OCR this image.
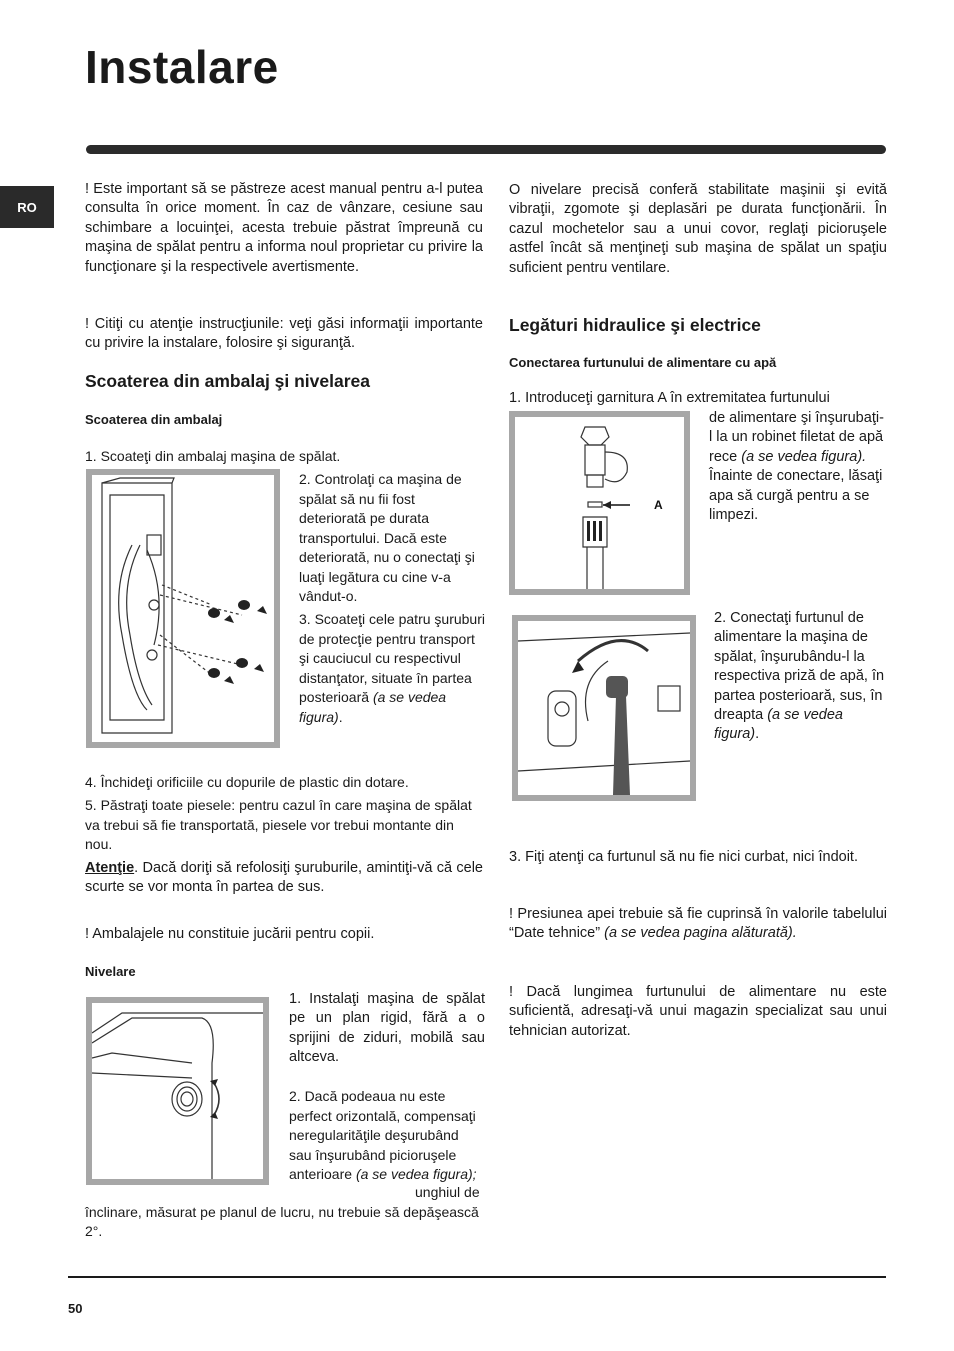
Instalare
RO
! Este important să se păstreze acest manual pentru a-l putea consulta în orice moment. În caz de vânzare, cesiune sau schimbare a locuinţei, acesta trebuie păstrat împreună cu maşina de spălat pentru a informa noul proprietar cu privire la funcţionare şi la respectivele avertismente.
! Citiţi cu atenţie instrucţiunile: veţi găsi informaţii importante cu privire la instalare, folosire şi siguranţă.
Scoaterea din ambalaj şi nivelarea
Scoaterea din ambalaj
1. Scoateţi din ambalaj maşina de spălat.
2. Controlaţi ca maşina de spălat să nu fii fost deteriorată pe durata transportului. Dacă este deteriorată, nu o conectaţi şi luaţi legătura cu cine v-a vândut-o.
3. Scoateţi cele patru şuruburi de protecţie pentru transport şi cauciucul cu respectivul distanţator, situate în partea posterioară (a se vedea figura).
4. Închideţi orificiile cu dopurile de plastic din dotare.
5. Păstraţi toate piesele: pentru cazul în care maşina de spălat va trebui să fie transportată, piesele vor trebui montante din nou.
Atenţie. Dacă doriţi să refolosiţi şuruburile, amintiţi-vă că cele scurte se vor monta în partea de sus.
! Ambalajele nu constituie jucării pentru copii.
Nivelare
1. Instalaţi maşina de spălat pe un plan rigid, fără a o sprijini de ziduri, mobilă sau altceva.
2. Dacă podeaua nu este perfect orizontală, compensaţi neregularităţile deşurubând sau înşurubând picioruşele anterioare (a se vedea figura);
unghiul de înclinare, măsurat pe planul de lucru, nu trebuie să depăşească 2°.
O nivelare precisă conferă stabilitate maşinii şi evită vibraţii, zgomote şi deplasări pe durata funcţionării. În cazul mochetelor sau a unui covor, reglaţi picioruşele astfel încât să menţineţi sub maşina de spălat un spaţiu suficient pentru ventilare.
Legături hidraulice şi electrice
Conectarea furtunului de alimentare cu apă
1. Introduceţi garnitura A în extremitatea furtunului
A
de alimentare şi înşurubaţi-l la un robinet filetat de apă rece (a se vedea figura). Înainte de conectare, lăsaţi apa să curgă pentru a se limpezi.
2. Conectaţi furtunul de alimentare la maşina de spălat, înşurubându-l la respectiva priză de apă, în partea posterioară, sus, în dreapta (a se vedea figura).
3. Fiţi atenţi ca furtunul să nu fie nici curbat, nici îndoit.
! Presiunea apei trebuie să fie cuprinsă în valorile tabelului “Date tehnice” (a se vedea pagina alăturată).
! Dacă lungimea furtunului de alimentare nu este suficientă, adresaţi-vă unui magazin specializat sau unui tehnician autorizat.
50
